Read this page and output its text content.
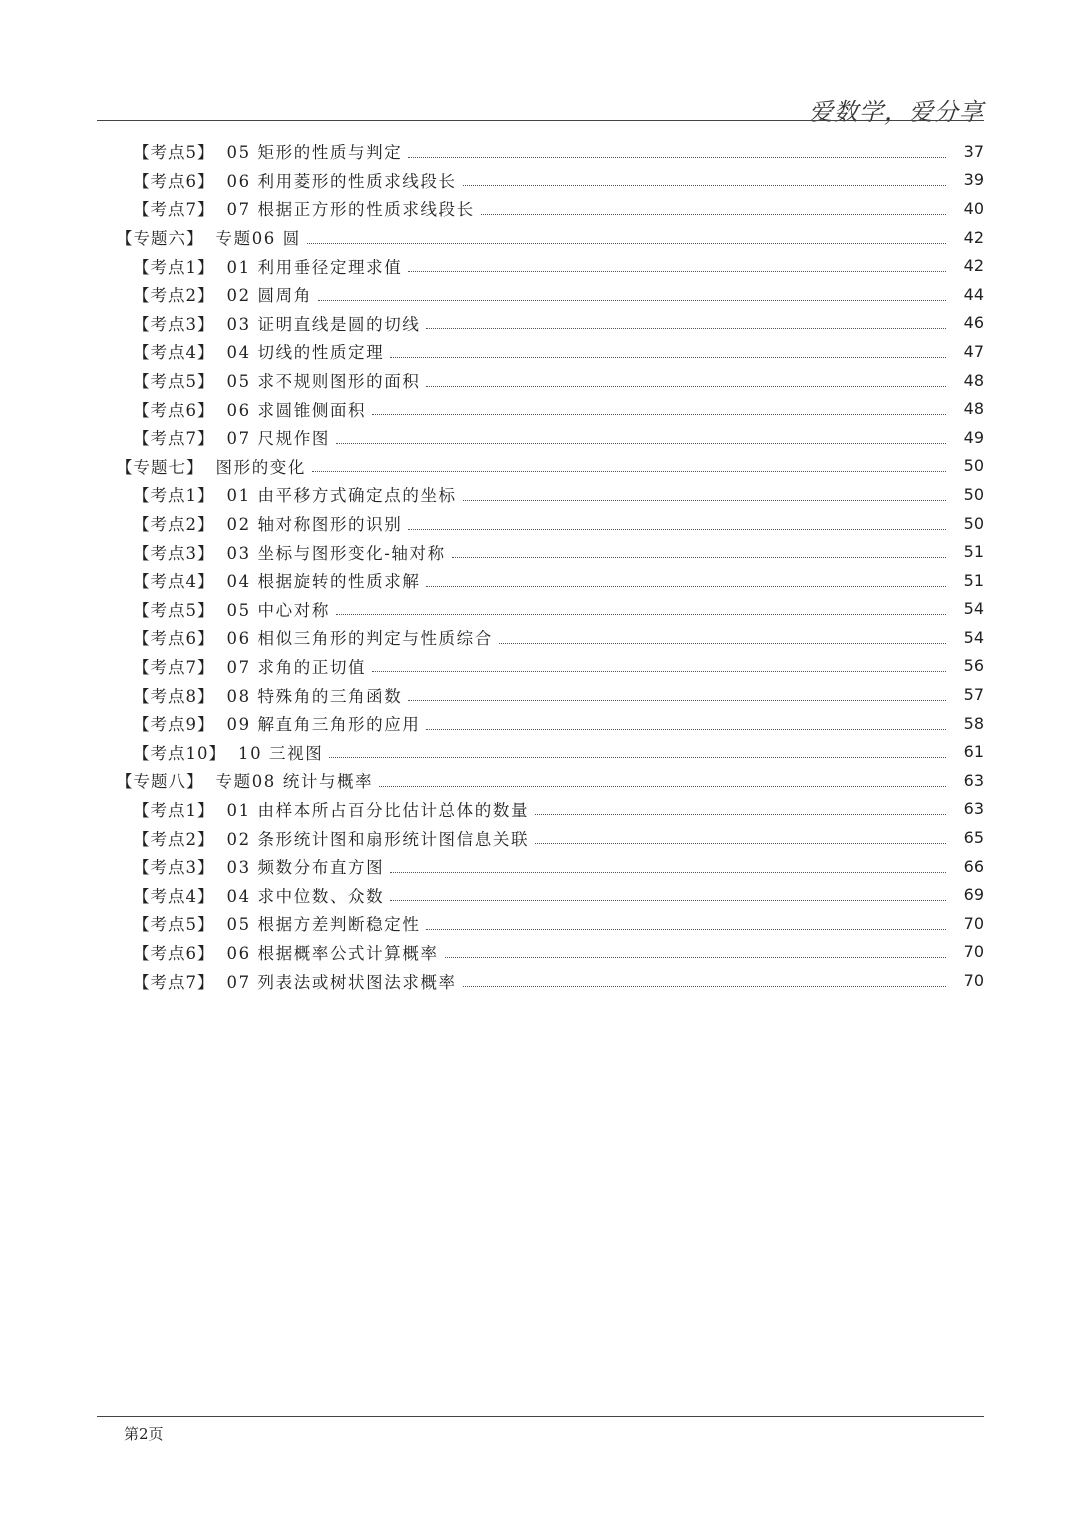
爱数学，爱分享
【考点5】 05 矩形的性质与判定	37
【考点6】 06 利用菱形的性质求线段长	39
【考点7】 07 根据正方形的性质求线段长	40
【专题六】 专题06 圆	42
【考点1】 01 利用垂径定理求值	42
【考点2】 02 圆周角	44
【考点3】 03 证明直线是圆的切线	46
【考点4】 04 切线的性质定理	47
【考点5】 05 求不规则图形的面积	48
【考点6】 06 求圆锥侧面积	48
【考点7】 07 尺规作图	49
【专题七】 图形的变化	50
【考点1】 01 由平移方式确定点的坐标	50
【考点2】 02 轴对称图形的识别	50
【考点3】 03 坐标与图形变化-轴对称	51
【考点4】 04 根据旋转的性质求解	51
【考点5】 05 中心对称	54
【考点6】 06 相似三角形的判定与性质综合	54
【考点7】 07 求角的正切值	56
【考点8】 08 特殊角的三角函数	57
【考点9】 09 解直角三角形的应用	58
【考点10】 10 三视图	61
【专题八】 专题08 统计与概率	63
【考点1】 01 由样本所占百分比估计总体的数量	63
【考点2】 02 条形统计图和扇形统计图信息关联	65
【考点3】 03 频数分布直方图	66
【考点4】 04 求中位数、众数	69
【考点5】 05 根据方差判断稳定性	70
【考点6】 06 根据概率公式计算概率	70
【考点7】 07 列表法或树状图法求概率	70
第2页
